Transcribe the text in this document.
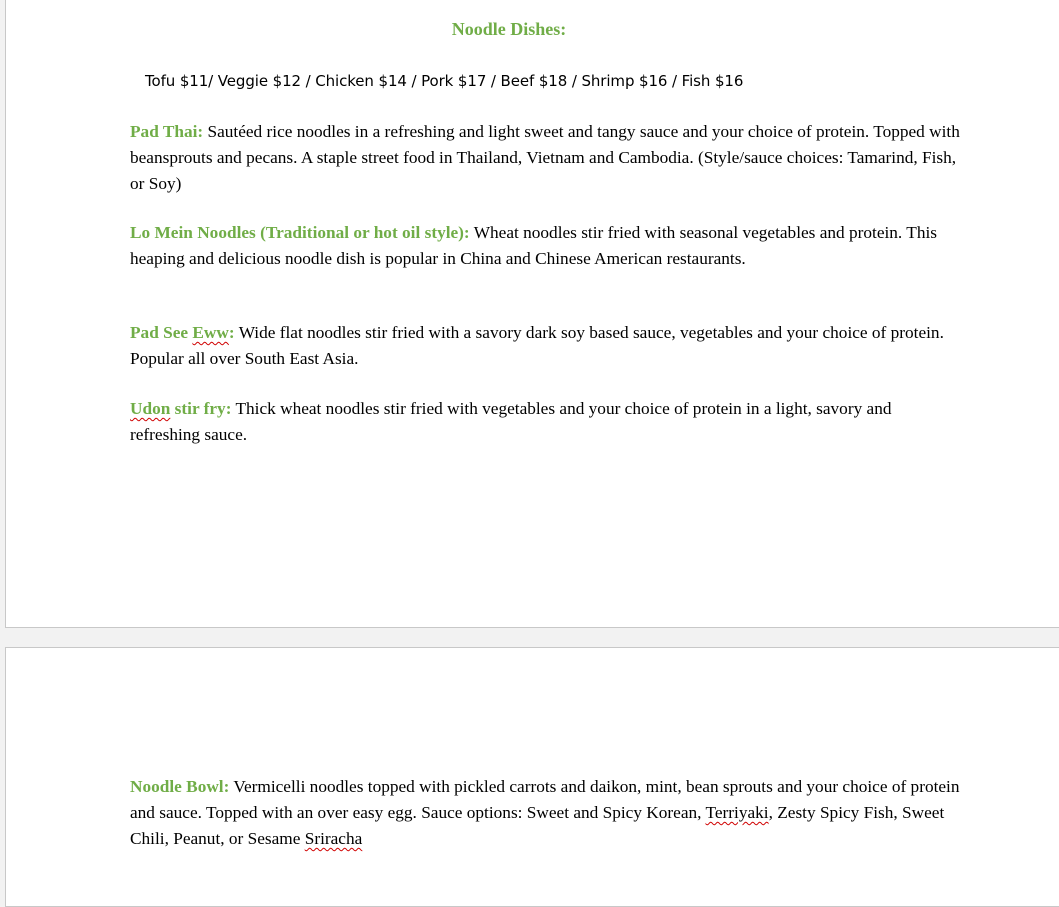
Noodle Dishes:
Tofu $11/ Veggie $12 / Chicken $14 / Pork $17 / Beef $18 / Shrimp $16 / Fish $16

Pad Thai: Sautéed rice noodles in a refreshing and light sweet and tangy sauce and your choice of protein. Topped with beansprouts and pecans. A staple street food in Thailand, Vietnam and Cambodia. (Style/sauce choices: Tamarind, Fish, or Soy)

Lo Mein Noodles (Traditional or hot oil style): Wheat noodles stir fried with seasonal vegetables and protein. This heaping and delicious noodle dish is popular in China and Chinese American restaurants.

Pad See Eww: Wide flat noodles stir fried with a savory dark soy based sauce, vegetables and your choice of protein. Popular all over South East Asia.

Udon stir fry: Thick wheat noodles stir fried with vegetables and your choice of protein in a light, savory and refreshing sauce.

Noodle Bowl: Vermicelli noodles topped with pickled carrots and daikon, mint, bean sprouts and your choice of protein and sauce. Topped with an over easy egg. Sauce options: Sweet and Spicy Korean, Terriyaki, Zesty Spicy Fish, Sweet Chili, Peanut, or Sesame Sriracha
